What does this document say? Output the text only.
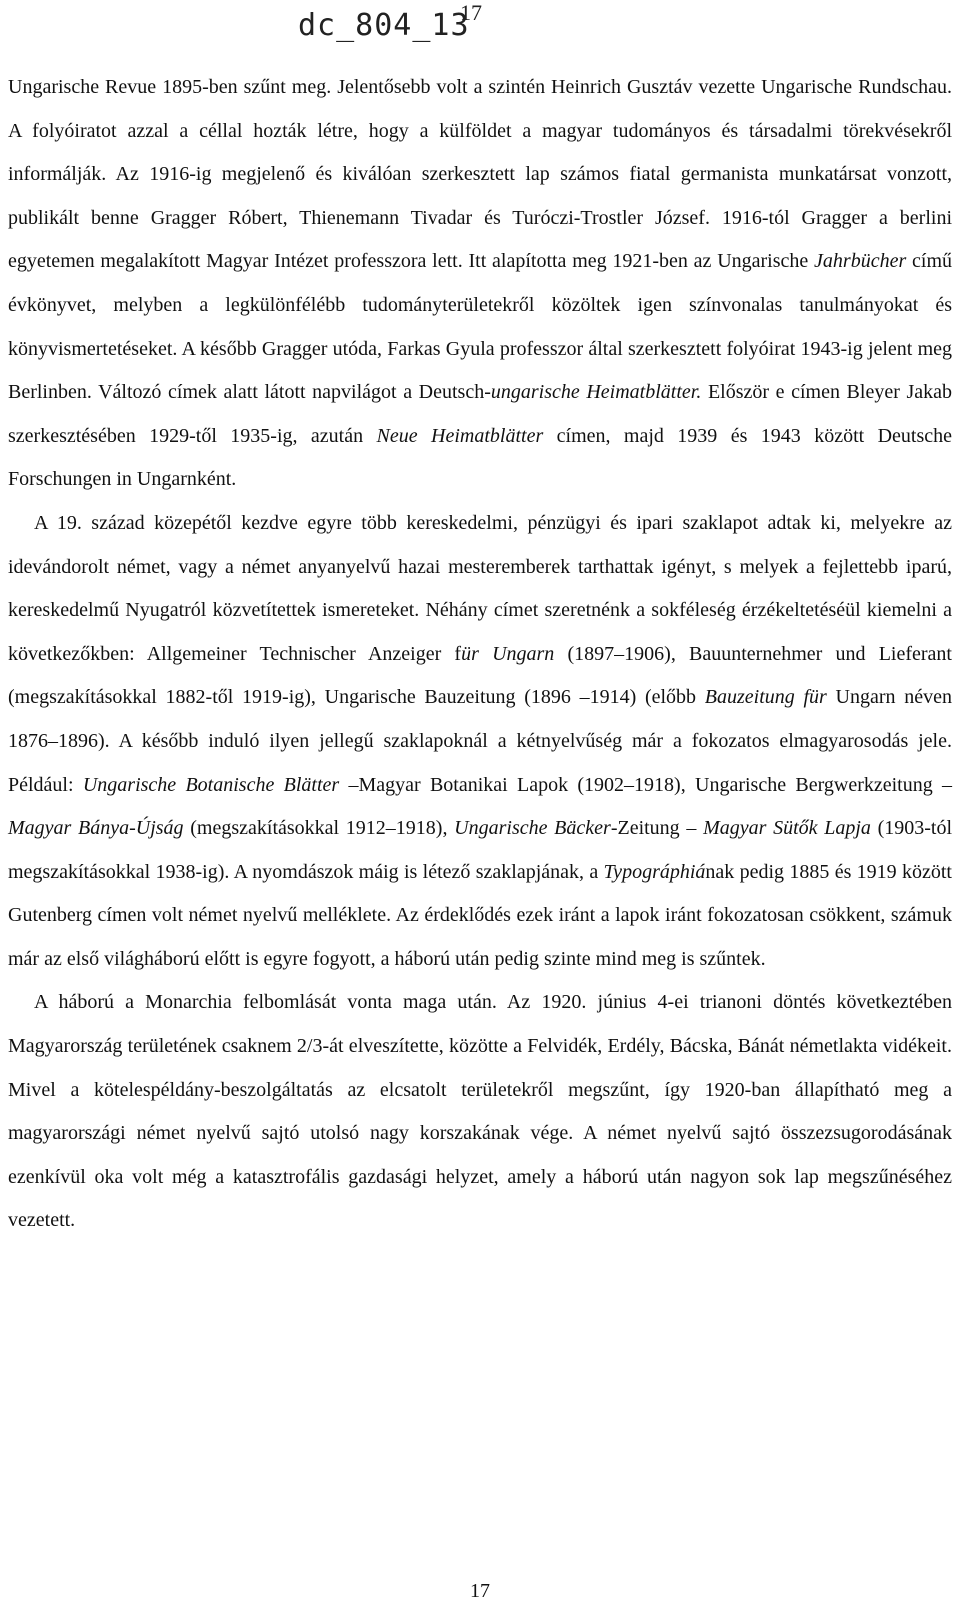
dc_804_13
17

Ungarische Revue 1895-ben szűnt meg. Jelentősebb volt a szintén Heinrich Gusztáv vezette Ungarische Rundschau. A folyóiratot azzal a céllal hozták létre, hogy a külföldet a magyar tudományos és társadalmi törekvésekről informálják. Az 1916-ig megjelenő és kiválóan szerkesztett lap számos fiatal germanista munkatársat vonzott, publikált benne Gragger Róbert, Thienemann Tivadar és Turóczi-Trostler József. 1916-tól Gragger a berlini egyetemen megalakított Magyar Intézet professzora lett. Itt alapította meg 1921-ben az Ungarische Jahrbücher című évkönyvet, melyben a legkülönfélébb tudományterületekről közöltek igen színvonalas tanulmányokat és könyvismertetéseket. A később Gragger utóda, Farkas Gyula professzor által szerkesztett folyóirat 1943-ig jelent meg Berlinben. Változó címek alatt látott napvilágot a Deutsch-ungarische Heimatblätter. Először e címen Bleyer Jakab szerkesztésében 1929-től 1935-ig, azután Neue Heimatblätter címen, majd 1939 és 1943 között Deutsche Forschungen in Ungarnként.

A 19. század közepétől kezdve egyre több kereskedelmi, pénzügyi és ipari szaklapot adtak ki, melyekre az idevándorolt német, vagy a német anyanyelvű hazai mesteremberek tarthattak igényt, s melyek a fejlettebb iparú, kereskedelmű Nyugatról közvetítettek ismereteket. Néhány címet szeretnénk a sokféleség érzékeltetéséül kiemelni a következőkben: Allgemeiner Technischer Anzeiger für Ungarn (1897–1906), Bauunternehmer und Lieferant (megszakításokkal 1882-től 1919-ig), Ungarische Bauzeitung (1896 –1914) (előbb Bauzeitung für Ungarn néven 1876–1896). A később induló ilyen jellegű szaklapoknál a kétnyelvűség már a fokozatos elmagyarosodás jele. Például: Ungarische Botanische Blätter –Magyar Botanikai Lapok (1902–1918), Ungarische Bergwerkzeitung – Magyar Bánya-Újság (megszakításokkal 1912–1918), Ungarische Bäcker-Zeitung – Magyar Sütők Lapja (1903-tól megszakításokkal 1938-ig). A nyomdászok máig is létező szaklapjának, a Typográphiának pedig 1885 és 1919 között Gutenberg címen volt német nyelvű melléklete. Az érdeklődés ezek iránt a lapok iránt fokozatosan csökkent, számuk már az első világháború előtt is egyre fogyott, a háború után pedig szinte mind meg is szűntek.

A háború a Monarchia felbomlását vonta maga után. Az 1920. június 4-ei trianoni döntés következtében Magyarország területének csaknem 2/3-át elveszítette, közötte a Felvidék, Erdély, Bácska, Bánát németlakta vidékeit. Mivel a kötelespéldány-beszolgáltatás az elcsatolt területekről megszűnt, így 1920-ban állapítható meg a magyarországi német nyelvű sajtó utolsó nagy korszakának vége. A német nyelvű sajtó összezsugorodásának ezenkívül oka volt még a katasztrofális gazdasági helyzet, amely a háború után nagyon sok lap megszűnéséhez vezetett.

17
